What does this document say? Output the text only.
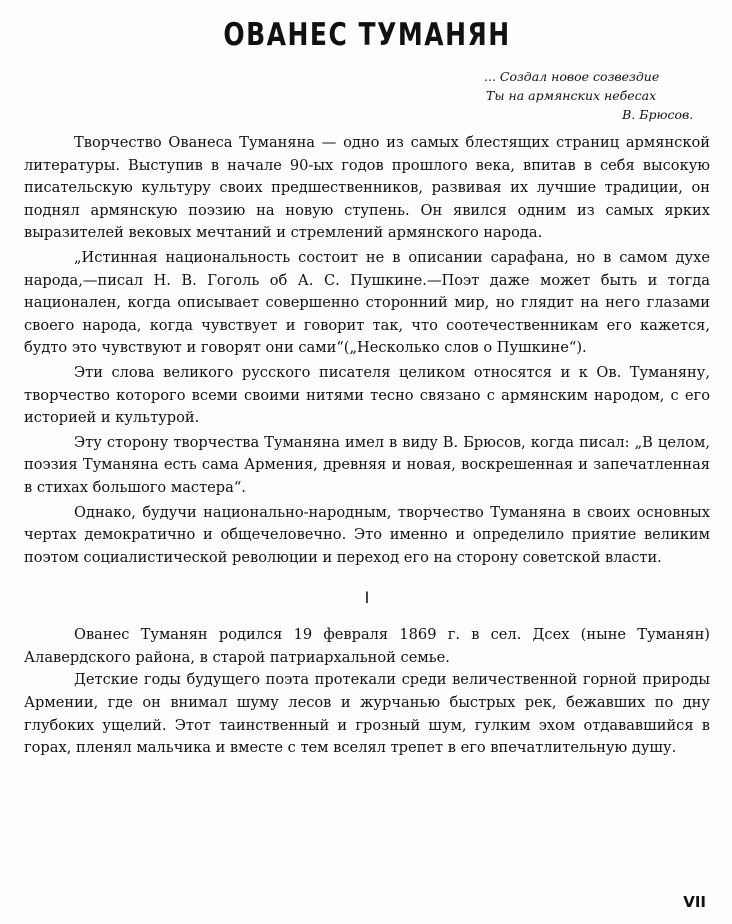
ОВАНЕС ТУМАНЯН
... Создал новое созвездие
Ты на армянских небесах
В. Брюсов.

Творчество Ованеса Туманяна — одно из самых блестящих страниц армянской литературы. Выступив в начале 90-ых годов прошлого века, впитав в себя высокую писательскую культуру своих предшественников, развивая их лучшие традиции, он поднял армянскую поэзию на новую ступень. Он явился одним из самых ярких выразителей вековых мечтаний и стремлений армянского народа.

„Истинная национальность состоит не в описании сарафана, но в самом духе народа,—писал Н. В. Гоголь об А. С. Пушкине.—Поэт даже может быть и тогда национален, когда описывает совершенно сторонний мир, но глядит на него глазами своего народа, когда чувствует и говорит так, что соотечественникам его кажется, будто это чувствуют и говорят они сами“(„Несколько слов о Пушкине“).

Эти слова великого русского писателя целиком относятся и к Ов. Туманяну, творчество которого всеми своими нитями тесно связано с армянским народом, с его историей и культурой.

Эту сторону творчества Туманяна имел в виду В. Брюсов, когда писал: „В целом, поэзия Туманяна есть сама Армения, древняя и новая, воскрешенная и запечатленная в стихах большого мастера“.

Однако, будучи национально-народным, творчество Туманяна в своих основных чертах демократично и общечеловечно. Это именно и определило приятие великим поэтом социалистической революции и переход его на сторону советской власти.

I

Ованес Туманян родился 19 февраля 1869 г. в сел. Дсех (ныне Туманян) Алавердского района, в старой патриархальной семье.

Детские годы будущего поэта протекали среди величественной горной природы Армении, где он внимал шуму лесов и журчанью быстрых рек, бежавших по дну глубоких ущелий. Этот таинственный и грозный шум, гулким эхом отдававшийся в горах, пленял мальчика и вместе с тем вселял трепет в его впечатлительную душу.

VII
